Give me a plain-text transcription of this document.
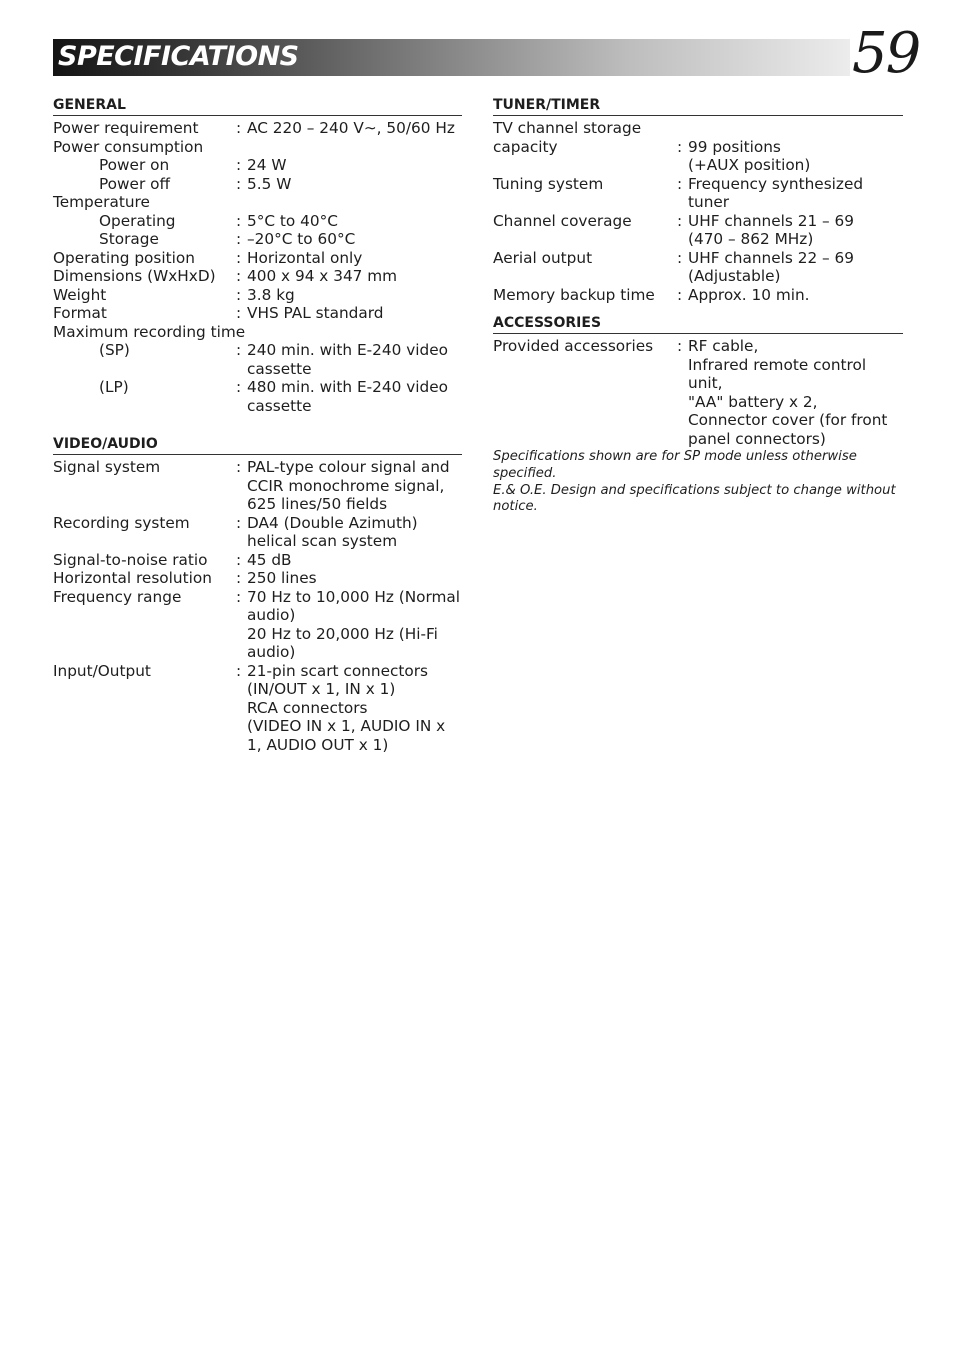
SPECIFICATIONS	59
GENERAL
Power requirement	: AC 220 – 240 V∼, 50/60 Hz
Power consumption
Power on	: 24 W
Power off	: 5.5 W
Temperature
Operating	: 5°C to 40°C
Storage	: –20°C to 60°C
Operating position	: Horizontal only
Dimensions (WxHxD)	: 400 x 94 x 347 mm
Weight	: 3.8 kg
Format	: VHS PAL standard
Maximum recording time
(SP)	: 240 min. with E-240 video cassette
(LP)	: 480 min. with E-240 video cassette
VIDEO/AUDIO
Signal system	: PAL-type colour signal and CCIR monochrome signal, 625 lines/50 fields
Recording system	: DA4 (Double Azimuth) helical scan system
Signal-to-noise ratio	: 45 dB
Horizontal resolution	: 250 lines
Frequency range	: 70 Hz to 10,000 Hz (Normal audio)
20 Hz to 20,000 Hz (Hi-Fi audio)
Input/Output	: 21-pin scart connectors (IN/OUT x 1, IN x 1)
RCA connectors
(VIDEO IN x 1, AUDIO IN x 1, AUDIO OUT x 1)
TUNER/TIMER
TV channel storage
capacity	: 99 positions
(+AUX position)
Tuning system	: Frequency synthesized tuner
Channel coverage	: UHF channels 21 – 69
(470 – 862 MHz)
Aerial output	: UHF channels 22 – 69
(Adjustable)
Memory backup time	: Approx. 10 min.
ACCESSORIES
Provided accessories	: RF cable,
Infrared remote control unit,
"AA" battery x 2,
Connector cover (for front panel connectors)
Specifications shown are for SP mode unless otherwise specified.
E.& O.E. Design and specifications subject to change without notice.
